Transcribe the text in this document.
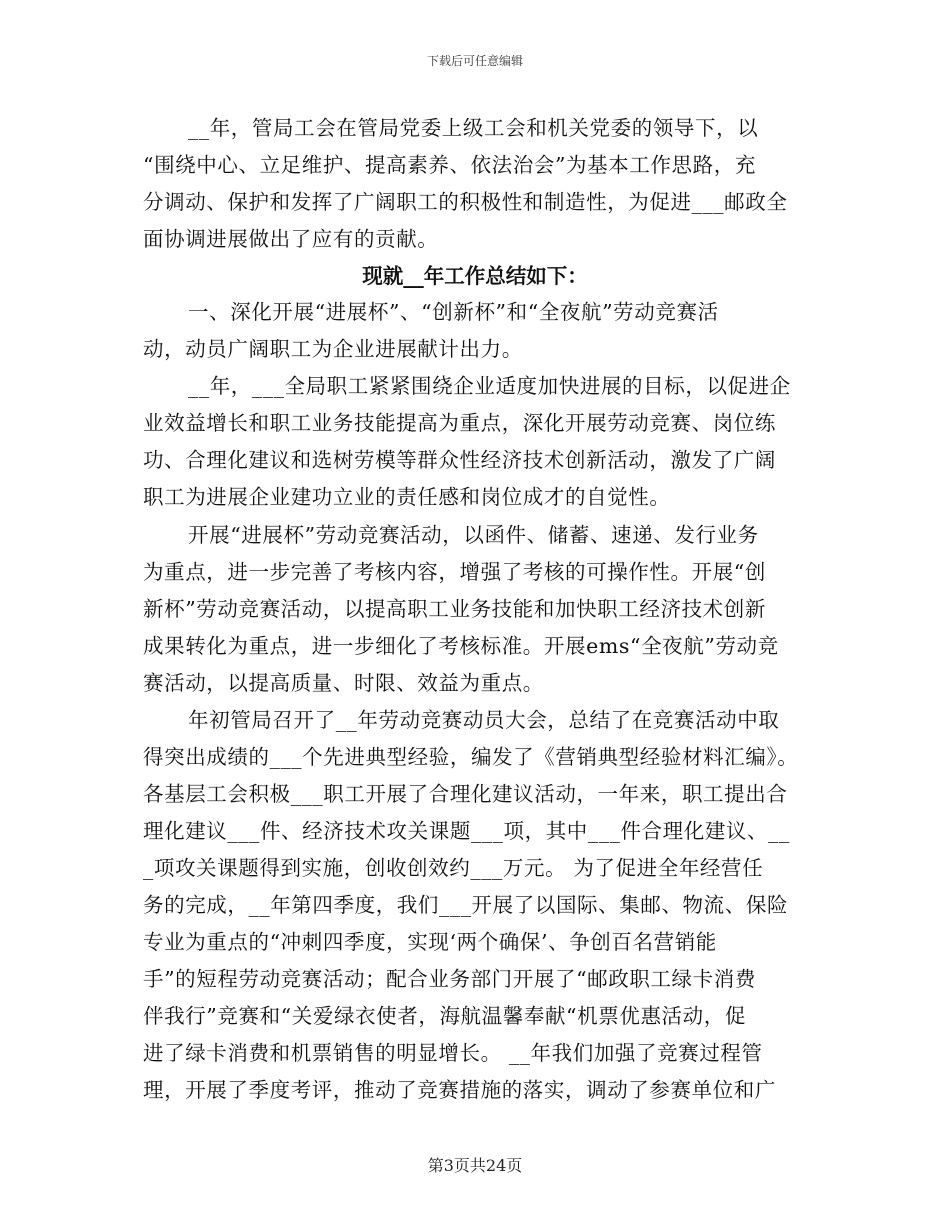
下载后可任意编辑
__年，管局工会在管局党委上级工会和机关党委的领导下，以
“围绕中心、立足维护、提高素养、依法治会”为基本工作思路，充
分调动、保护和发挥了广阔职工的积极性和制造性，为促进___邮政全
面协调进展做出了应有的贡献。
现就__年工作总结如下：
一、深化开展“进展杯”、“创新杯”和“全夜航”劳动竞赛活
动，动员广阔职工为企业进展献计出力。
__年，___全局职工紧紧围绕企业适度加快进展的目标，以促进企
业效益增长和职工业务技能提高为重点，深化开展劳动竞赛、岗位练
功、合理化建议和选树劳模等群众性经济技术创新活动，激发了广阔
职工为进展企业建功立业的责任感和岗位成才的自觉性。
开展“进展杯”劳动竞赛活动，以函件、储蓄、速递、发行业务
为重点，进一步完善了考核内容，增强了考核的可操作性。开展“创
新杯”劳动竞赛活动，以提高职工业务技能和加快职工经济技术创新
成果转化为重点，进一步细化了考核标准。开展ems“全夜航”劳动竞
赛活动，以提高质量、时限、效益为重点。
年初管局召开了__年劳动竞赛动员大会，总结了在竞赛活动中取
得突出成绩的___个先进典型经验，编发了《营销典型经验材料汇编》。
各基层工会积极___职工开展了合理化建议活动，一年来，职工提出合
理化建议___件、经济技术攻关课题___项，其中___件合理化建议、__
_项攻关课题得到实施，创收创效约___万元。 为了促进全年经营任
务的完成，__年第四季度，我们___开展了以国际、集邮、物流、保险
专业为重点的“冲刺四季度，实现‘两个确保’、争创百名营销能
手”的短程劳动竞赛活动；配合业务部门开展了“邮政职工绿卡消费
伴我行”竞赛和“关爱绿衣使者，海航温馨奉献“机票优惠活动，促
进了绿卡消费和机票销售的明显增长。 __年我们加强了竞赛过程管
理，开展了季度考评，推动了竞赛措施的落实，调动了参赛单位和广
第3页共24页
